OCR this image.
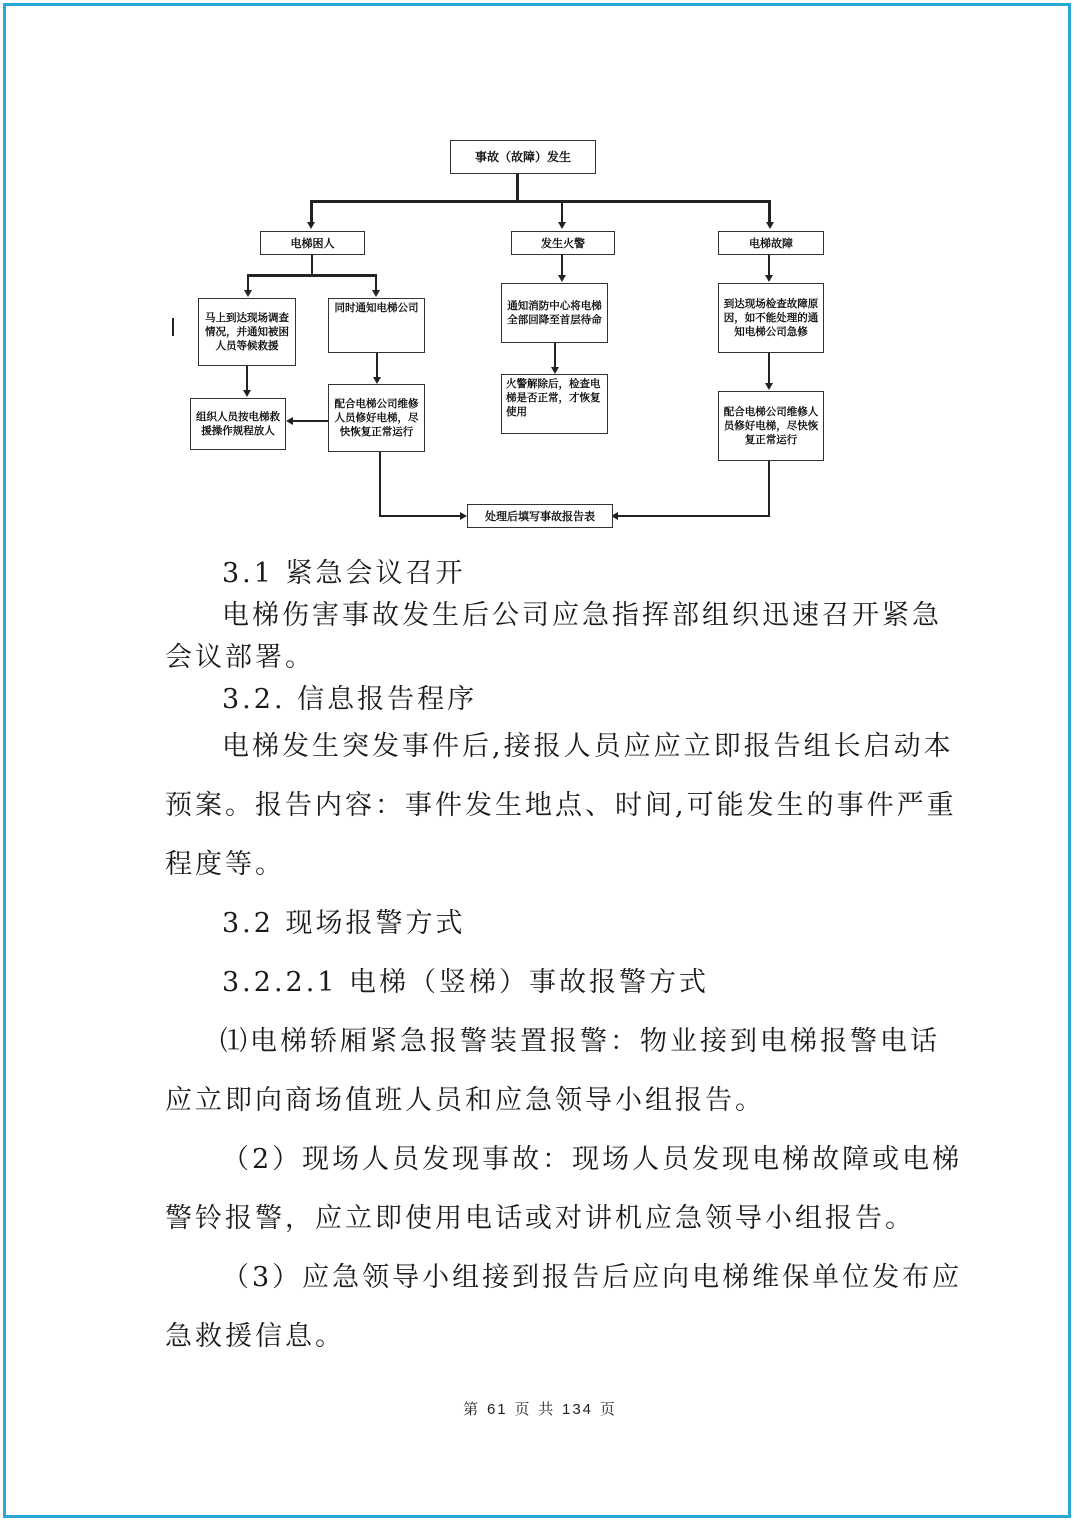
事故（故障）发生
电梯困人	发生火警	电梯故障
马上到达现场调查情况，并通知被困人员等候救援
同时通知电梯公司
组织人员按电梯救援操作规程放人
配合电梯公司维修人员修好电梯，尽快恢复正常运行
通知消防中心将电梯全部回降至首层待命
火警解除后，检查电梯是否正常，才恢复使用
到达现场检查故障原因，如不能处理的通知电梯公司急修
配合电梯公司维修人员修好电梯，尽快恢复正常运行
处理后填写事故报告表
3.1 紧急会议召开
电梯伤害事故发生后公司应急指挥部组织迅速召开紧急
会议部署。
3.2. 信息报告程序
电梯发生突发事件后,接报人员应应立即报告组长启动本
预案。报告内容：事件发生地点、时间,可能发生的事件严重
程度等。
3.2 现场报警方式
3.2.2.1 电梯（竖梯）事故报警方式
⑴电梯轿厢紧急报警装置报警：物业接到电梯报警电话
应立即向商场值班人员和应急领导小组报告。
（2）现场人员发现事故：现场人员发现电梯故障或电梯
警铃报警，应立即使用电话或对讲机应急领导小组报告。
（3）应急领导小组接到报告后应向电梯维保单位发布应
急救援信息。
第 61 页 共 134 页
